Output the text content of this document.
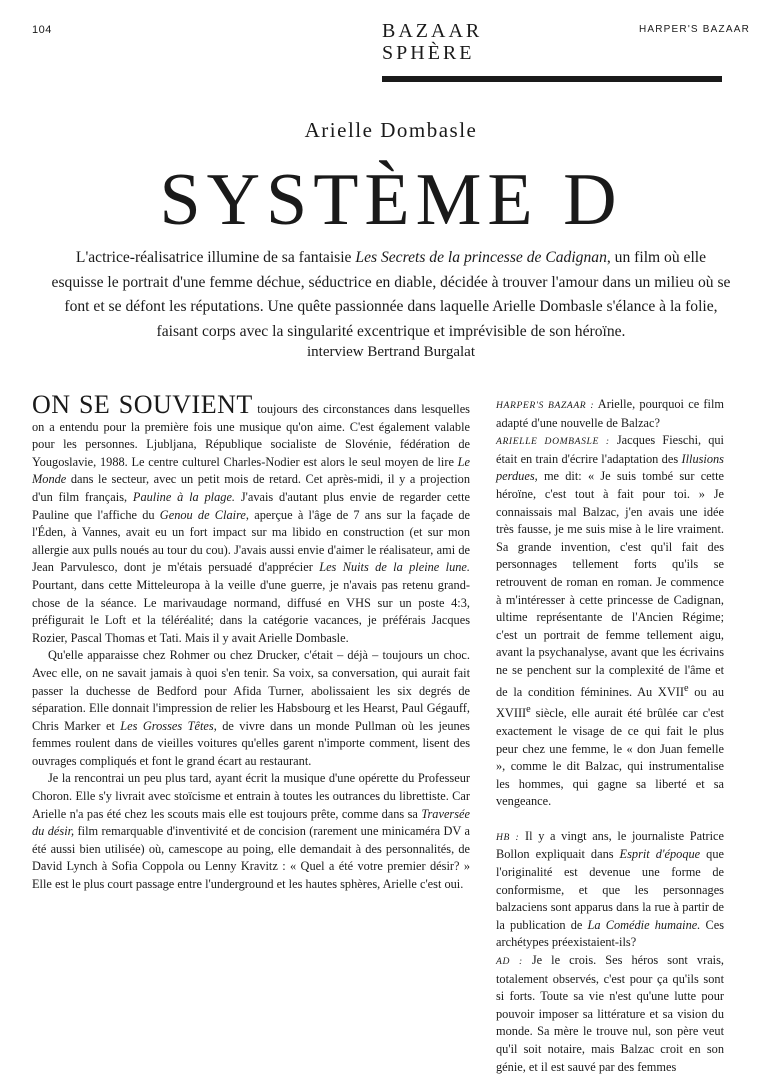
104	HARPER'S BAZAAR
BAZAAR
SPHÈRE
Arielle Dombasle
SYSTÈME D
L'actrice-réalisatrice illumine de sa fantaisie Les Secrets de la princesse de Cadignan, un film où elle esquisse le portrait d'une femme déchue, séductrice en diable, décidée à trouver l'amour dans un milieu où se font et se défont les réputations. Une quête passionnée dans laquelle Arielle Dombasle s'élance à la folie, faisant corps avec la singularité excentrique et imprévisible de son héroïne.
interview Bertrand Burgalat

ON SE SOUVIENT toujours des circonstances dans lesquelles on a entendu pour la première fois une musique qu'on aime. C'est également valable pour les personnes. Ljubljana, République socialiste de Slovénie, fédération de Yougoslavie, 1988. Le centre culturel Charles-Nodier est alors le seul moyen de lire Le Monde dans le secteur, avec un petit mois de retard. Cet après-midi, il y a projection d'un film français, Pauline à la plage. J'avais d'autant plus envie de regarder cette Pauline que l'affiche du Genou de Claire, aperçue à l'âge de 7 ans sur la façade de l'Éden, à Vannes, avait eu un fort impact sur ma libido en construction (et sur mon allergie aux pulls noués au tour du cou). J'avais aussi envie d'aimer le réalisateur, ami de Jean Parvulesco, dont je m'étais persuadé d'apprécier Les Nuits de la pleine lune. Pourtant, dans cette Mitteleuropa à la veille d'une guerre, je n'avais pas retenu grand-chose de la séance. Le marivaudage normand, diffusé en VHS sur un poste 4:3, préfigurait le Loft et la téléréalité; dans la catégorie vacances, je préférais Jacques Rozier, Pascal Thomas et Tati. Mais il y avait Arielle Dombasle.

Qu'elle apparaisse chez Rohmer ou chez Drucker, c'était – déjà – toujours un choc. Avec elle, on ne savait jamais à quoi s'en tenir. Sa voix, sa conversation, qui aurait fait passer la duchesse de Bedford pour Afida Turner, abolissaient les six degrés de séparation. Elle donnait l'impression de relier les Habsbourg et les Hearst, Paul Gégauff, Chris Marker et Les Grosses Têtes, de vivre dans un monde Pullman où les jeunes femmes roulent dans de vieilles voitures qu'elles garent n'importe comment, lisent des ouvrages compliqués et font le grand écart au restaurant.

Je la rencontrai un peu plus tard, ayant écrit la musique d'une opérette du Professeur Choron. Elle s'y livrait avec stoïcisme et entrain à toutes les outrances du librettiste. Car Arielle n'a pas été chez les scouts mais elle est toujours prête, comme dans sa Traversée du désir, film remarquable d'inventivité et de concision (rarement une minicaméra DV a été aussi bien utilisée) où, camescope au poing, elle demandait à des personnalités, de David Lynch à Sofia Coppola ou Lenny Kravitz : « Quel a été votre premier désir? » Elle est le plus court passage entre l'underground et les hautes sphères, Arielle c'est oui.

HARPER'S BAZAAR : Arielle, pourquoi ce film adapté d'une nouvelle de Balzac?

ARIELLE DOMBASLE : Jacques Fieschi, qui était en train d'écrire l'adaptation des Illusions perdues, me dit: « Je suis tombé sur cette héroïne, c'est tout à fait pour toi. » Je connaissais mal Balzac, j'en avais une idée très fausse, je me suis mise à le lire vraiment. Sa grande invention, c'est qu'il fait des personnages tellement forts qu'ils se retrouvent de roman en roman. Je commence à m'intéresser à cette princesse de Cadignan, ultime représentante de l'Ancien Régime; c'est un portrait de femme tellement aigu, avant la psychanalyse, avant que les écrivains ne se penchent sur la complexité de l'âme et de la condition féminines. Au XVIIe ou au XVIIIe siècle, elle aurait été brûlée car c'est exactement le visage de ce qui fait le plus peur chez une femme, le « don Juan femelle », comme le dit Balzac, qui instrumentalise les hommes, qui gagne sa liberté et sa vengeance.

HB : Il y a vingt ans, le journaliste Patrice Bollon expliquait dans Esprit d'époque que l'originalité est devenue une forme de conformisme, et que les personnages balzaciens sont apparus dans la rue à partir de la publication de La Comédie humaine. Ces archétypes préexistaient-ils?

AD : Je le crois. Ses héros sont vrais, totalement observés, c'est pour ça qu'ils sont si forts. Toute sa vie n'est qu'une lutte pour pouvoir imposer sa littérature et sa vision du monde. Sa mère le trouve nul, son père veut qu'il soit notaire, mais Balzac croit en son génie, et il est sauvé par des femmes
